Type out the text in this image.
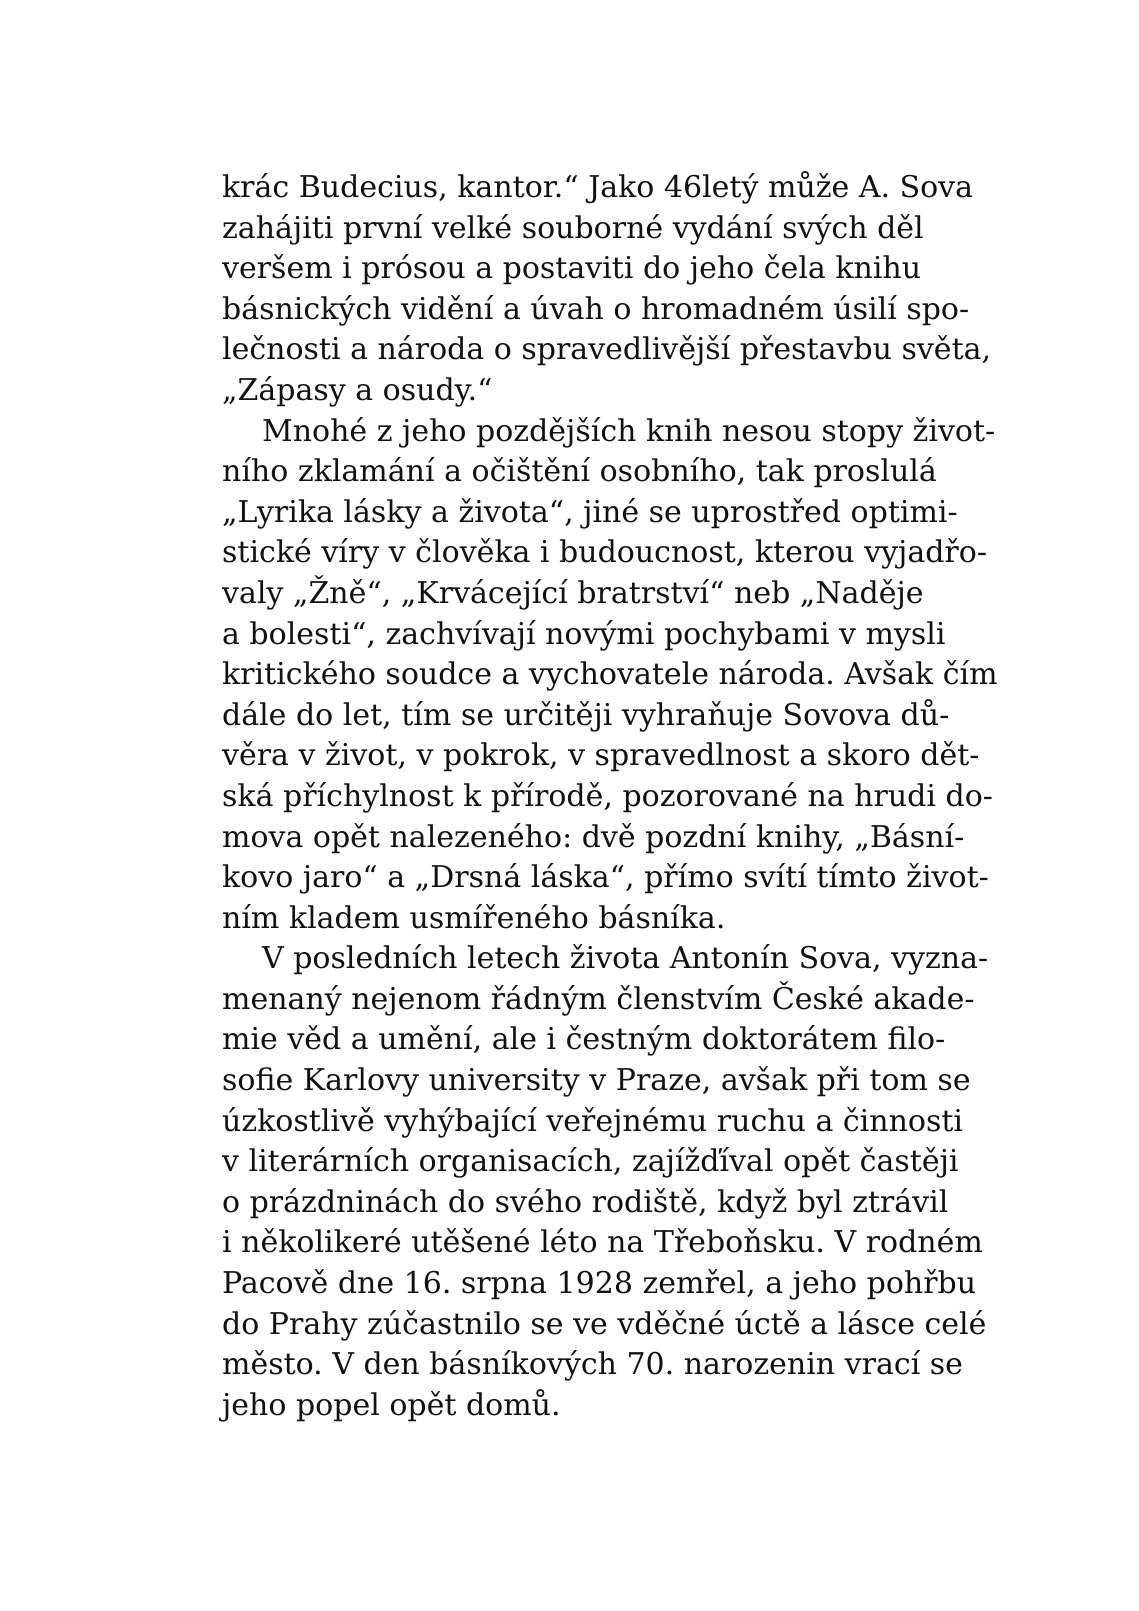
krác Budecius, kantor.“ Jako 46letý může A. Sova
zahájiti první velké souborné vydání svých děl
veršem i prósou a postaviti do jeho čela knihu
básnických vidění a úvah o hromadném úsilí spo-
lečnosti a národa o spravedlivější přestavbu světa,
„Zápasy a osudy.“
Mnohé z jeho pozdějších knih nesou stopy život-
ního zklamání a očištění osobního, tak proslulá
„Lyrika lásky a života“, jiné se uprostřed optimi-
stické víry v člověka i budoucnost, kterou vyjadřo-
valy „Žně“, „Krvácející bratrství“ neb „Naděje
a bolesti“, zachvívají novými pochybami v mysli
kritického soudce a vychovatele národa. Avšak čím
dále do let, tím se určitěji vyhraňuje Sovova dů-
věra v život, v pokrok, v spravedlnost a skoro dět-
ská příchylnost k přírodě, pozorované na hrudi do-
mova opět nalezeného: dvě pozdní knihy, „Básní-
kovo jaro“ a „Drsná láska“, přímo svítí tímto život-
ním kladem usmířeného básníka.
V posledních letech života Antonín Sova, vyzna-
menaný nejenom řádným členstvím České akade-
mie věd a umění, ale i čestným doktorátem filo-
sofie Karlovy university v Praze, avšak při tom se
úzkostlivě vyhýbající veřejnému ruchu a činnosti
v literárních organisacích, zajížďíval opět častěji
o prázdninách do svého rodiště, když byl ztrávil
i několikeré utěšené léto na Třeboňsku. V rodném
Pacově dne 16. srpna 1928 zemřel, a jeho pohřbu
do Prahy zúčastnilo se ve vděčné úctě a lásce celé
město. V den básníkových 70. narozenin vrací se
jeho popel opět domů.
